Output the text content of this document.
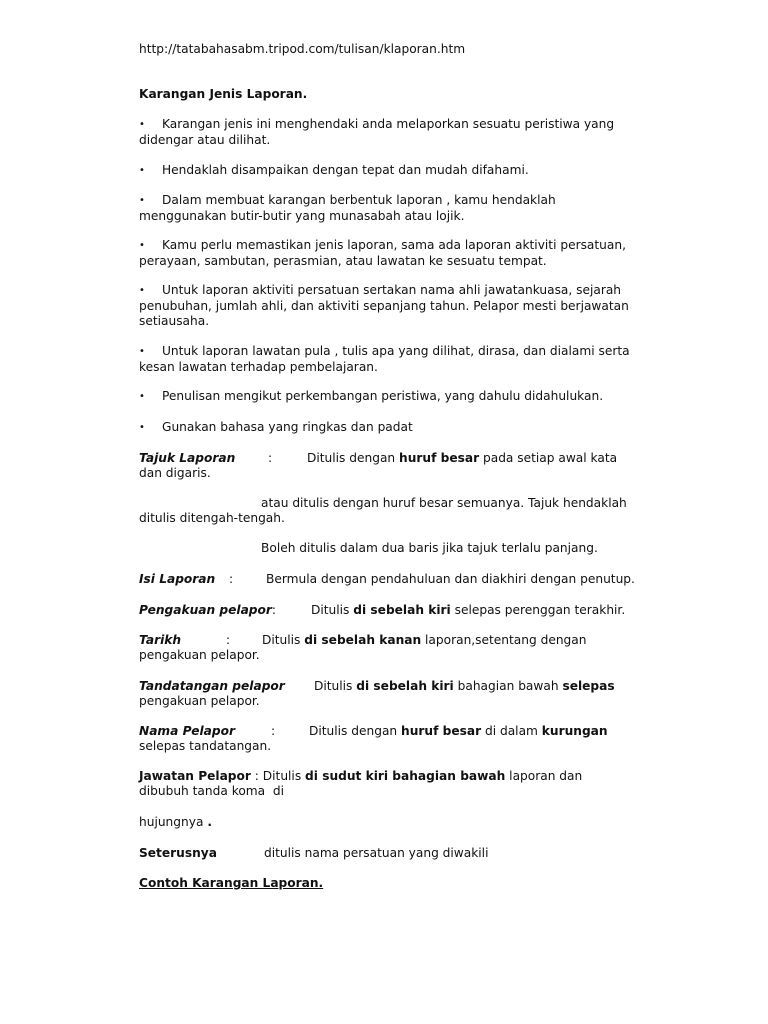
http://tatabahasabm.tripod.com/tulisan/klaporan.htm
Karangan Jenis Laporan.
•Karangan jenis ini menghendaki anda melaporkan sesuatu peristiwa yang
didengar atau dilihat.
•Hendaklah disampaikan dengan tepat dan mudah difahami.
•Dalam membuat karangan berbentuk laporan , kamu hendaklah
menggunakan butir-butir yang munasabah atau lojik.
•Kamu perlu memastikan jenis laporan, sama ada laporan aktiviti persatuan,
perayaan, sambutan, perasmian, atau lawatan ke sesuatu tempat.
•Untuk laporan aktiviti persatuan sertakan nama ahli jawatankuasa, sejarah
penubuhan, jumlah ahli, dan aktiviti sepanjang tahun. Pelapor mesti berjawatan
setiausaha.
•Untuk laporan lawatan pula , tulis apa yang dilihat, dirasa, dan dialami serta
kesan lawatan terhadap pembelajaran.
•Penulisan mengikut perkembangan peristiwa, yang dahulu didahulukan.
•Gunakan bahasa yang ringkas dan padat
Tajuk Laporan	:	Ditulis dengan huruf besar pada setiap awal kata
dan digaris.
atau ditulis dengan huruf besar semuanya. Tajuk hendaklah
ditulis ditengah-tengah.
Boleh ditulis dalam dua baris jika tajuk terlalu panjang.
Isi Laporan :	Bermula dengan pendahuluan dan diakhiri dengan penutup.
Pengakuan pelapor:	Ditulis di sebelah kiri selepas perenggan terakhir.
Tarikh	:	Ditulis di sebelah kanan laporan,setentang dengan
pengakuan pelapor.
Tandatangan pelapor Ditulis di sebelah kiri bahagian bawah selepas
pengakuan pelapor.
Nama Pelapor	:	Ditulis dengan huruf besar di dalam kurungan
selepas tandatangan.
Jawatan Pelapor : Ditulis di sudut kiri bahagian bawah laporan dan
dibubuh tanda koma  di
hujungnya .
Seterusnya	ditulis nama persatuan yang diwakili
Contoh Karangan Laporan.
